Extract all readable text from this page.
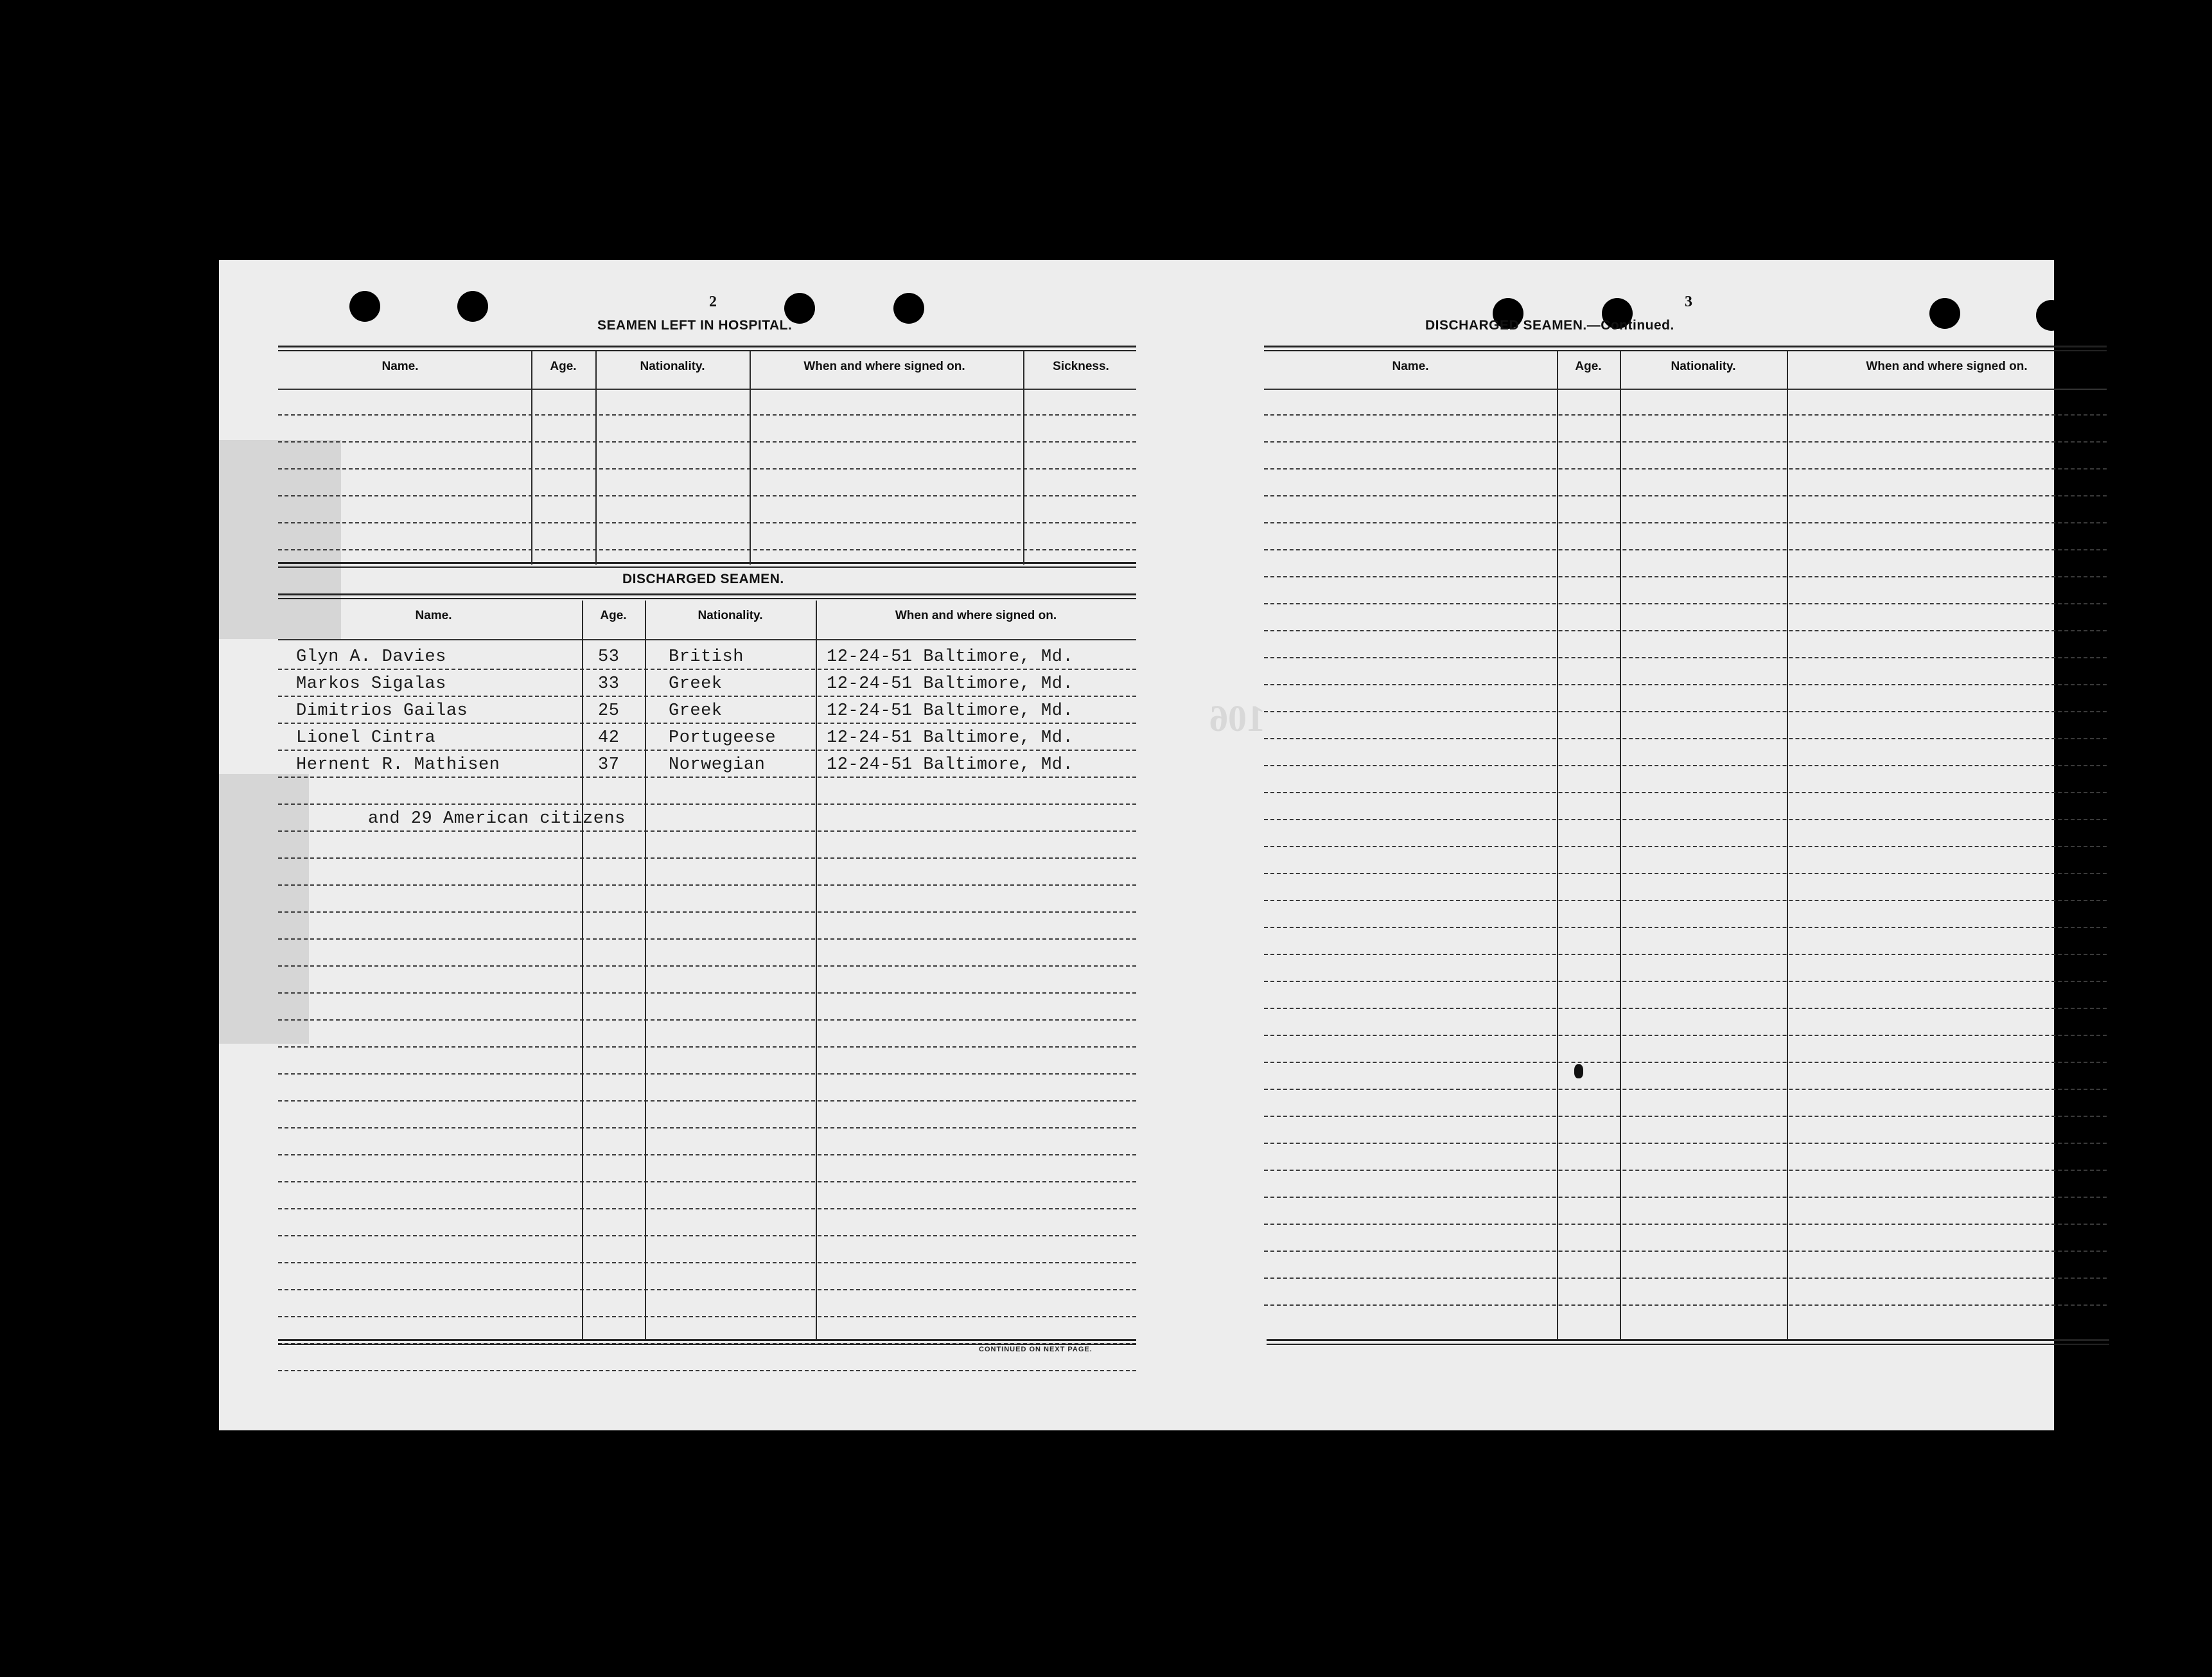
106
2
SEAMEN LEFT IN HOSPITAL.
Name.	Age.	Nationality.	When and where signed on.	Sickness.
DISCHARGED SEAMEN.
Name.	Age.	Nationality.	When and where signed on.
Glyn A. Davies	53	British	12-24-51 Baltimore, Md.
Markos Sigalas	33	Greek	12-24-51 Baltimore, Md.
Dimitrios Gailas	25	Greek	12-24-51 Baltimore, Md.
Lionel Cintra	42	Portugeese	12-24-51 Baltimore, Md.
Hernent R. Mathisen	37	Norwegian	12-24-51 Baltimore, Md.
and 29 American citizens
CONTINUED ON NEXT PAGE.
3
DISCHARGED SEAMEN.—Continued.
Name.	Age.	Nationality.	When and where signed on.
